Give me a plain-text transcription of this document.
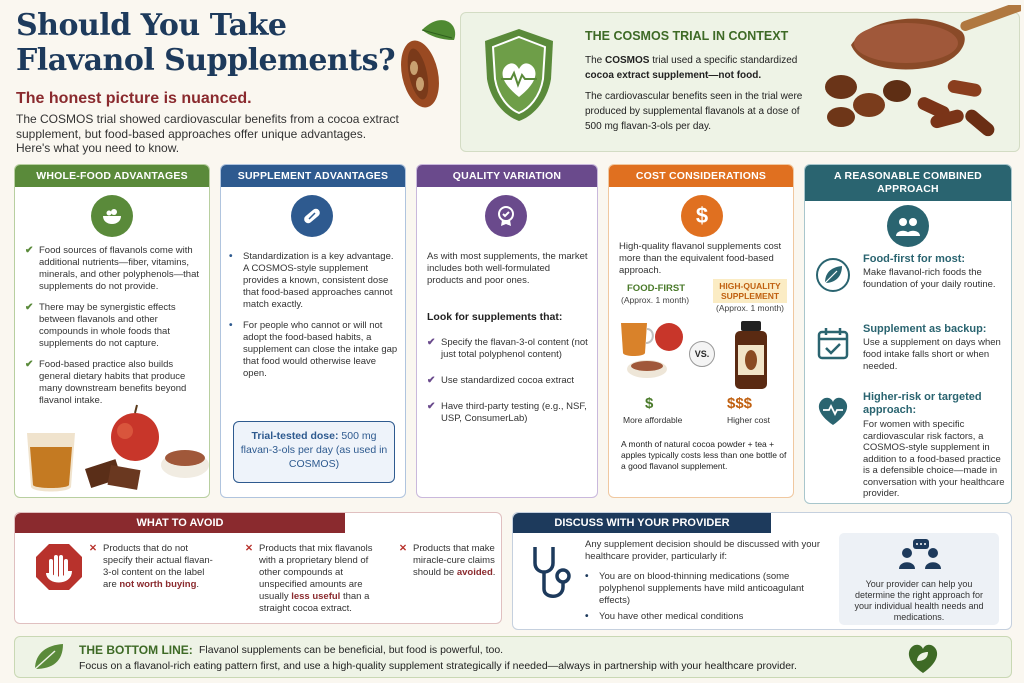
Should You Take Flavanol Supplements?
The honest picture is nuanced.
The COSMOS trial showed cardiovascular benefits from a cocoa extract supplement, but food-based approaches offer unique advantages. Here's what you need to know.
THE COSMOS TRIAL IN CONTEXT
The COSMOS trial used a specific standardized cocoa extract supplement—not food.
The cardiovascular benefits seen in the trial were produced by supplemental flavanols at a dose of 500 mg flavan-3-ols per day.
WHOLE-FOOD ADVANTAGES
✔ Food sources of flavanols come with additional nutrients—fiber, vitamins, minerals, and other polyphenols—that supplements do not provide.
✔ There may be synergistic effects between flavanols and other compounds in whole foods that supplements do not capture.
✔ Food-based practice also builds general dietary habits that produce many downstream benefits beyond flavanol intake.
SUPPLEMENT ADVANTAGES
• Standardization is a key advantage. A COSMOS-style supplement provides a known, consistent dose that food-based approaches cannot match exactly.
• For people who cannot or will not adopt the food-based habits, a supplement can close the intake gap that food would otherwise leave open.
Trial-tested dose: 500 mg flavan-3-ols per day (as used in COSMOS)
QUALITY VARIATION
As with most supplements, the market includes both well-formulated products and poor ones.
Look for supplements that:
✔ Specify the flavan-3-ol content (not just total polyphenol content)
✔ Use standardized cocoa extract
✔ Have third-party testing (e.g., NSF, USP, ConsumerLab)
COST CONSIDERATIONS
$
High-quality flavanol supplements cost more than the equivalent food-based approach.
FOOD-FIRST
(Approx. 1 month)
HIGH-QUALITY SUPPLEMENT
(Approx. 1 month)
VS.
$
More affordable
$$$
Higher cost
A month of natural cocoa powder + tea + apples typically costs less than one bottle of a good flavanol supplement.
A REASONABLE COMBINED APPROACH
Food-first for most:
Make flavanol-rich foods the foundation of your daily routine.
Supplement as backup:
Use a supplement on days when food intake falls short or when needed.
Higher-risk or targeted approach:
For women with specific cardiovascular risk factors, a COSMOS-style supplement in addition to a food-based practice is a defensible choice—made in conversation with your healthcare provider.
WHAT TO AVOID
✕ Products that do not specify their actual flavan-3-ol content on the label are not worth buying.
✕ Products that mix flavanols with a proprietary blend of other compounds at unspecified amounts are usually less useful than a straight cocoa extract.
✕ Products that make miracle-cure claims should be avoided.
DISCUSS WITH YOUR PROVIDER
Any supplement decision should be discussed with your healthcare provider, particularly if:
• You are on blood-thinning medications (some polyphenol supplements have mild anticoagulant effects)
• You have other medical conditions
Your provider can help you determine the right approach for your individual health needs and medications.
THE BOTTOM LINE: Flavanol supplements can be beneficial, but food is powerful, too.
Focus on a flavanol-rich eating pattern first, and use a high-quality supplement strategically if needed—always in partnership with your healthcare provider.
